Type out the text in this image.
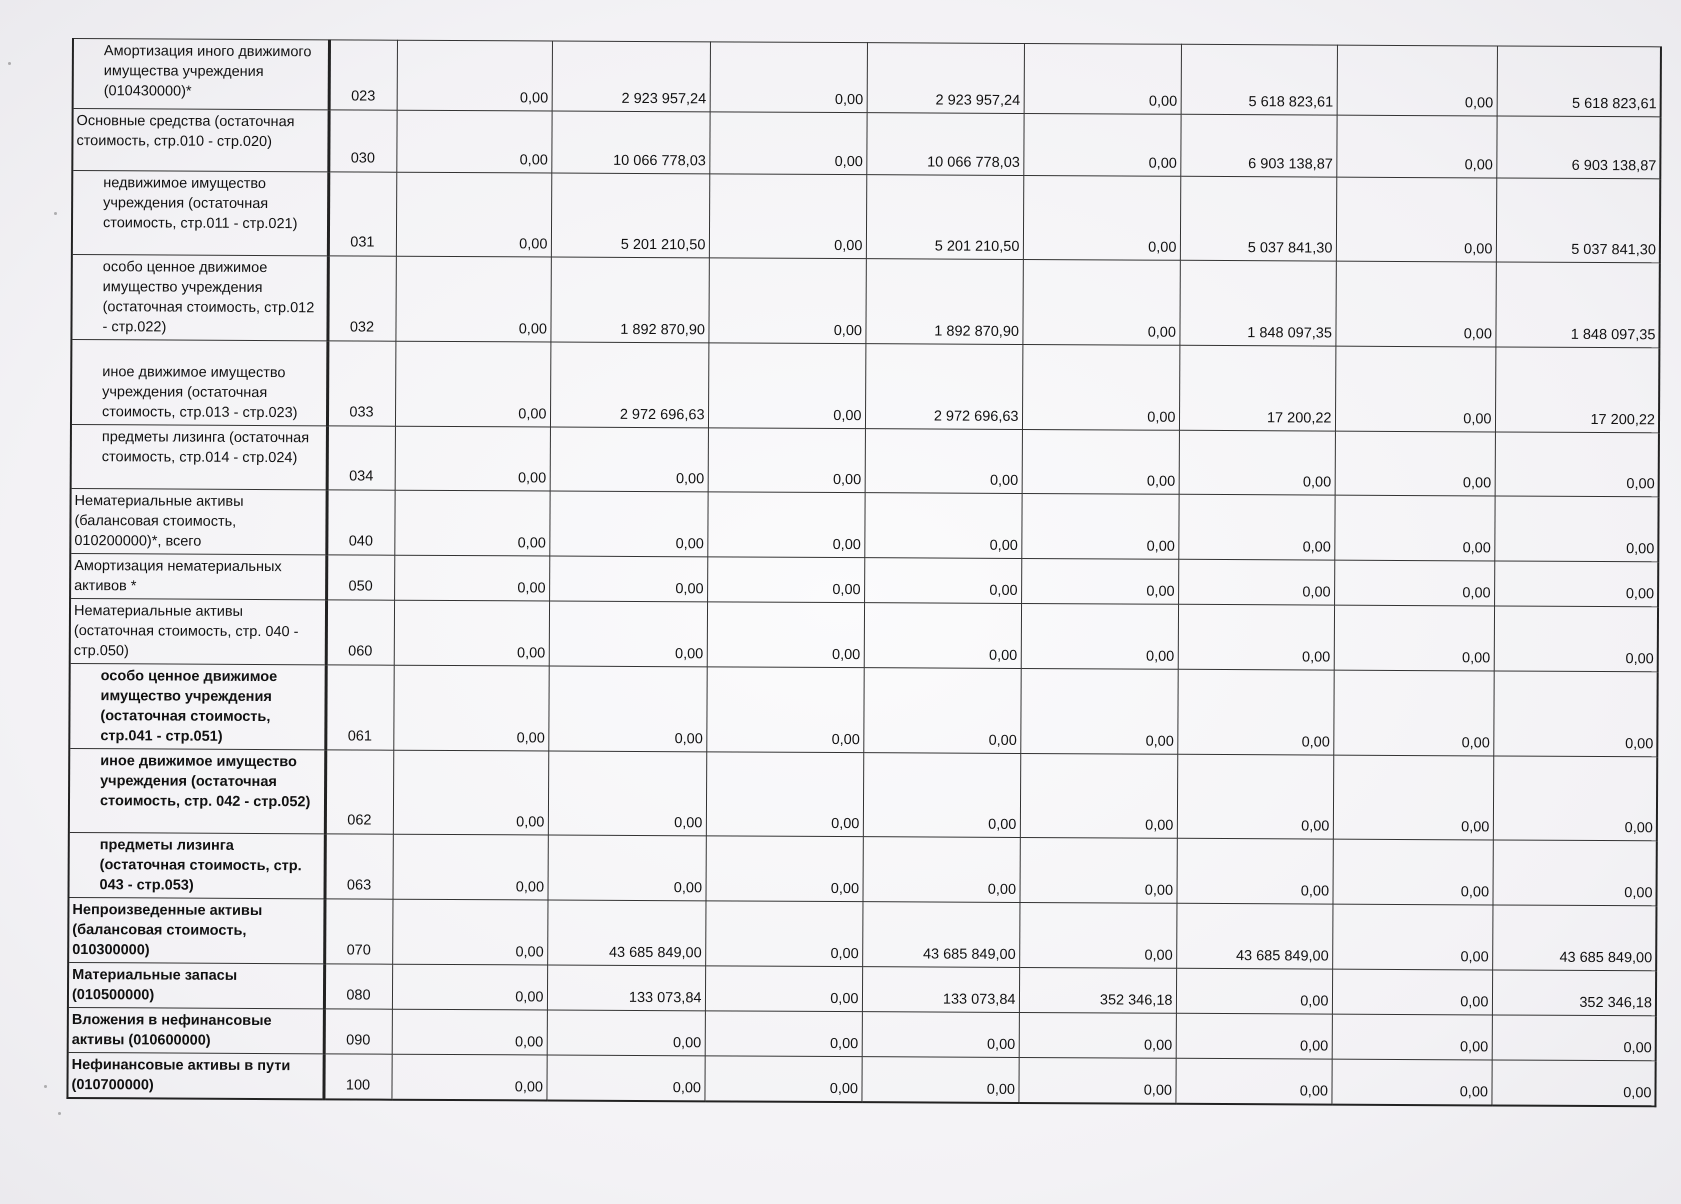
Амортизация иного движимого имущества учреждения (010430000)*	023	0,00	2 923 957,24	0,00	2 923 957,24	0,00	5 618 823,61	0,00	5 618 823,61
Основные средства (остаточная стоимость, стр.010 - стр.020)	030	0,00	10 066 778,03	0,00	10 066 778,03	0,00	6 903 138,87	0,00	6 903 138,87
недвижимое имущество учреждения (остаточная стоимость, стр.011 - стр.021)	031	0,00	5 201 210,50	0,00	5 201 210,50	0,00	5 037 841,30	0,00	5 037 841,30
особо ценное движимое имущество учреждения (остаточная стоимость, стр.012 - стр.022)	032	0,00	1 892 870,90	0,00	1 892 870,90	0,00	1 848 097,35	0,00	1 848 097,35
иное движимое имущество учреждения (остаточная стоимость, стр.013 - стр.023)	033	0,00	2 972 696,63	0,00	2 972 696,63	0,00	17 200,22	0,00	17 200,22
предметы лизинга (остаточная стоимость, стр.014 - стр.024)	034	0,00	0,00	0,00	0,00	0,00	0,00	0,00	0,00
Нематериальные активы (балансовая стоимость, 010200000)*, всего	040	0,00	0,00	0,00	0,00	0,00	0,00	0,00	0,00
Амортизация нематериальных активов *	050	0,00	0,00	0,00	0,00	0,00	0,00	0,00	0,00
Нематериальные активы (остаточная стоимость, стр. 040 - стр.050)	060	0,00	0,00	0,00	0,00	0,00	0,00	0,00	0,00
особо ценное движимое имущество учреждения (остаточная стоимость, стр.041 - стр.051)	061	0,00	0,00	0,00	0,00	0,00	0,00	0,00	0,00
иное движимое имущество учреждения (остаточная стоимость, стр. 042 - стр.052)	062	0,00	0,00	0,00	0,00	0,00	0,00	0,00	0,00
предметы лизинга (остаточная стоимость, стр. 043 - стр.053)	063	0,00	0,00	0,00	0,00	0,00	0,00	0,00	0,00
Непроизведенные активы (балансовая стоимость, 010300000)	070	0,00	43 685 849,00	0,00	43 685 849,00	0,00	43 685 849,00	0,00	43 685 849,00
Материальные запасы (010500000)	080	0,00	133 073,84	0,00	133 073,84	352 346,18	0,00	0,00	352 346,18
Вложения в нефинансовые активы (010600000)	090	0,00	0,00	0,00	0,00	0,00	0,00	0,00	0,00
Нефинансовые активы в пути (010700000)	100	0,00	0,00	0,00	0,00	0,00	0,00	0,00	0,00
